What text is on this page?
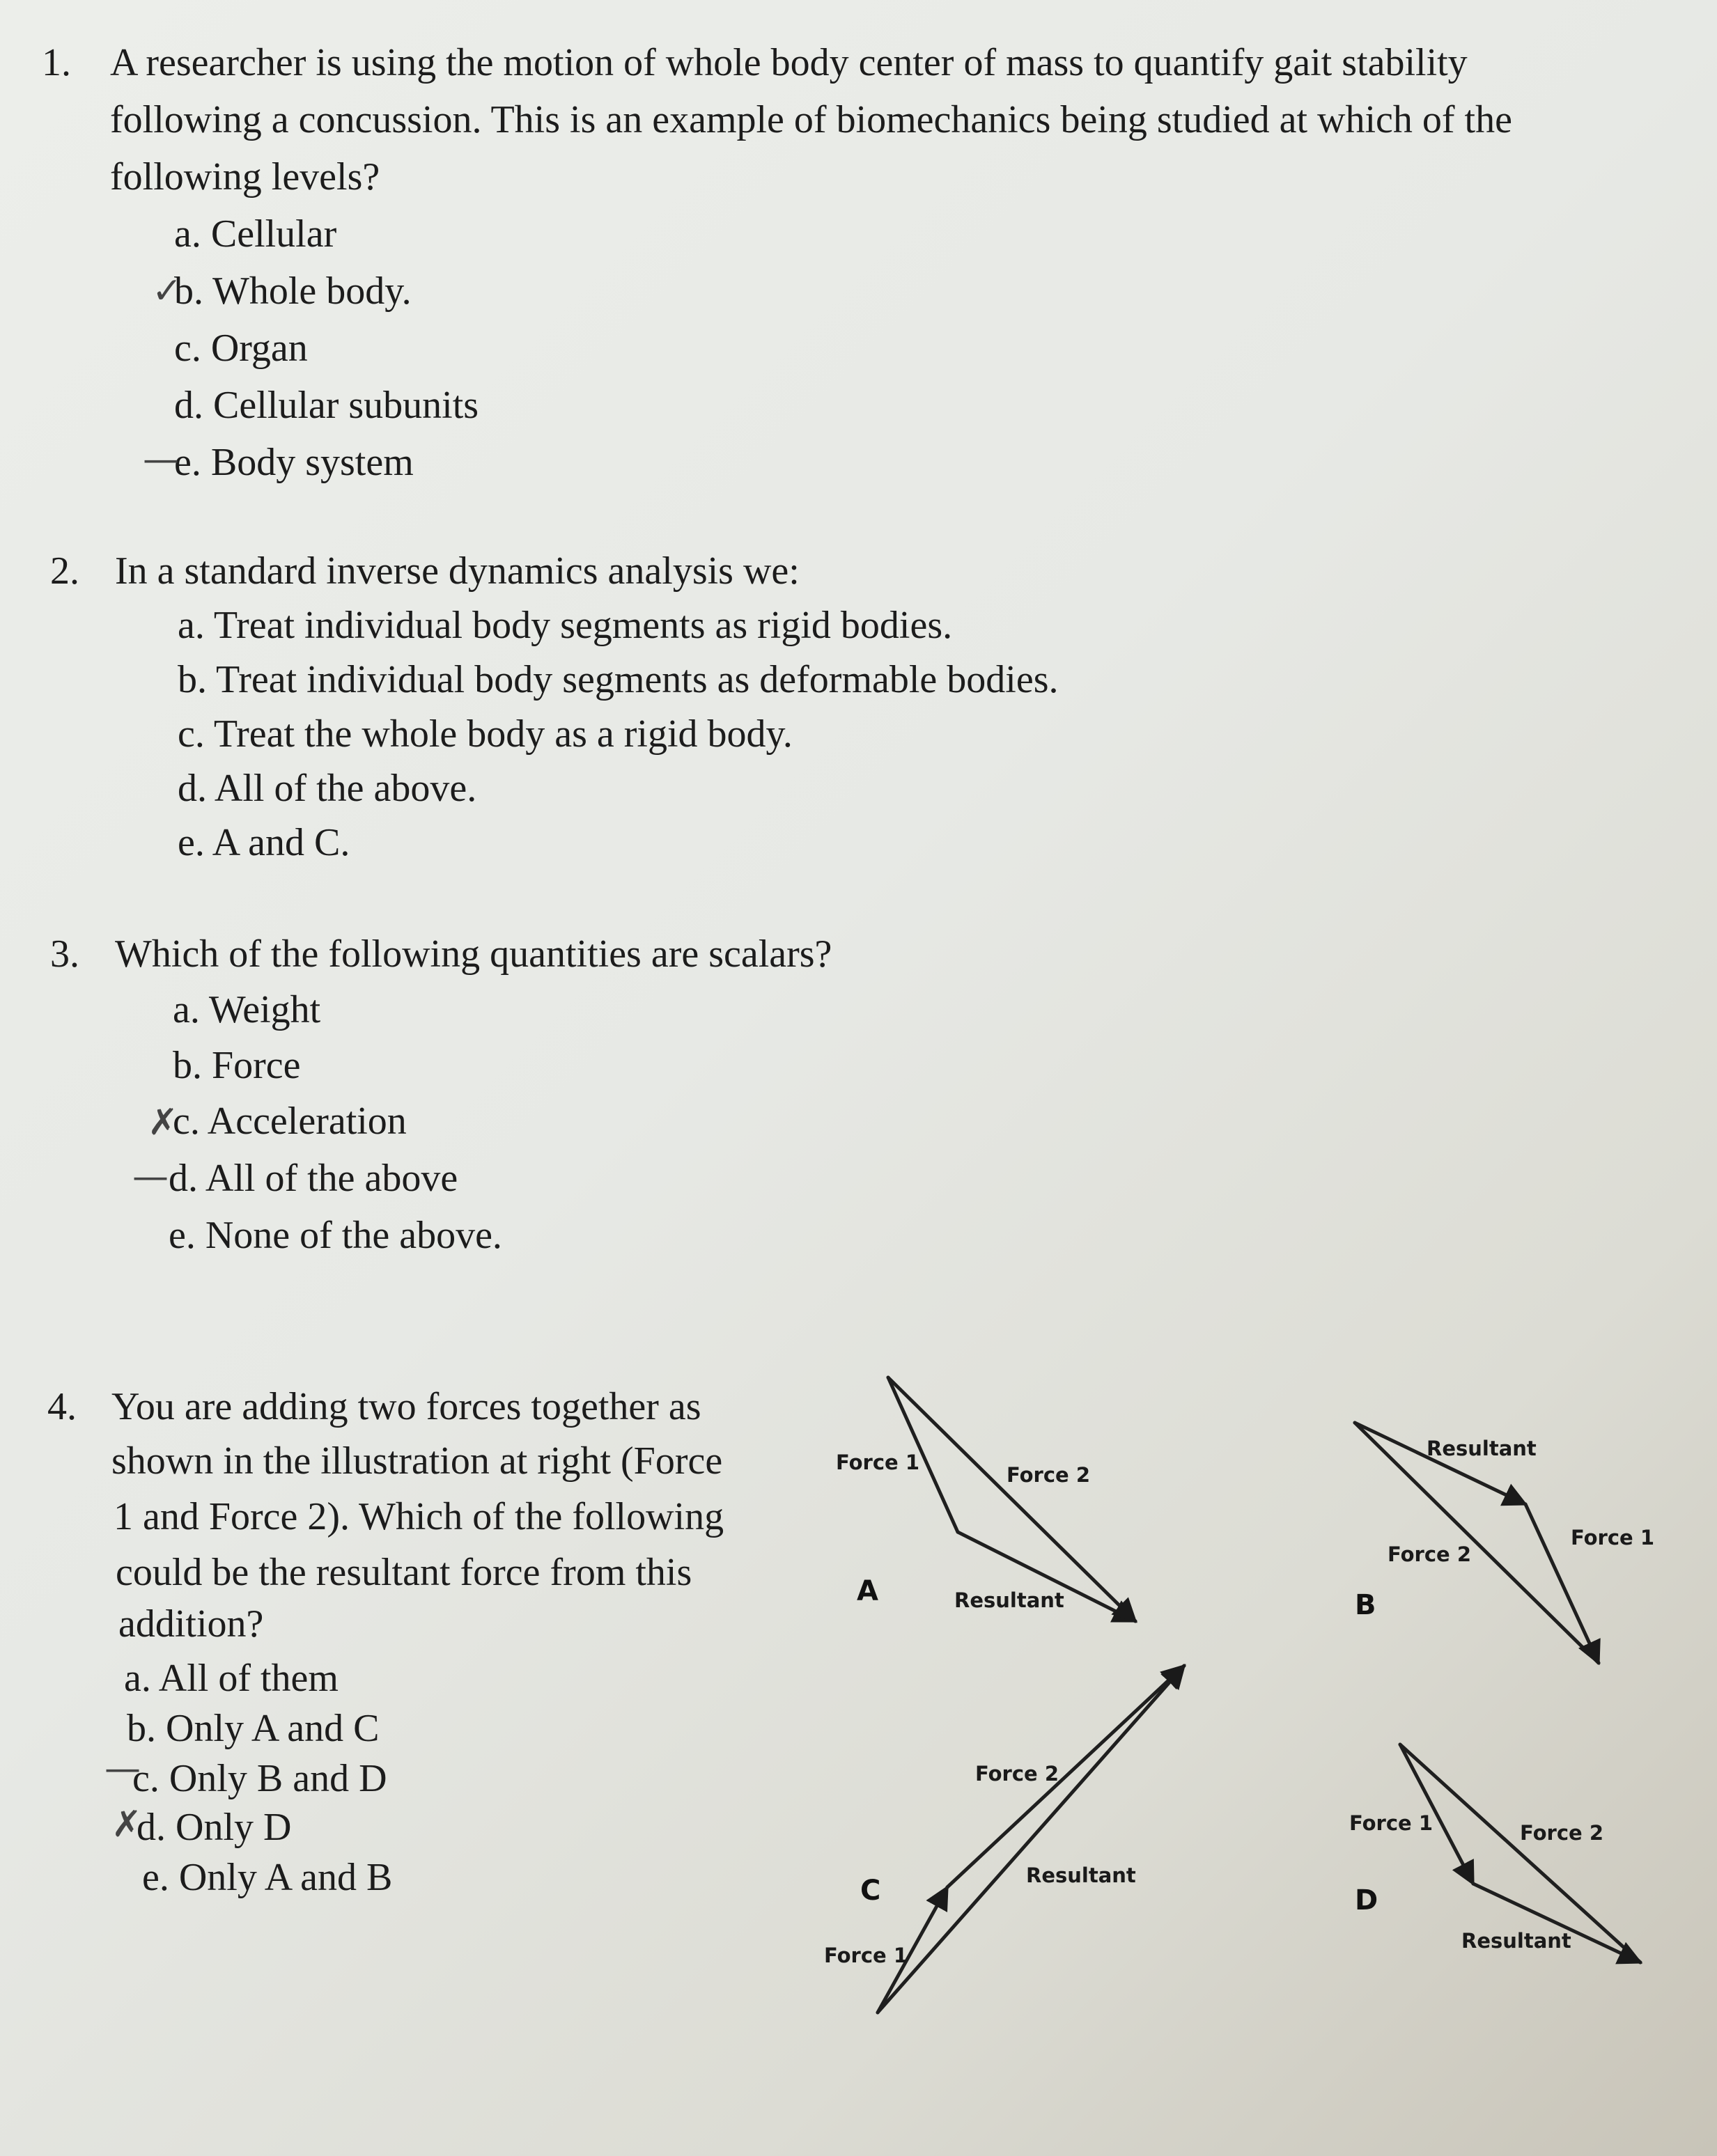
1. A researcher is using the motion of whole body center of mass to quantify gait stability
following a concussion. This is an example of biomechanics being studied at which of the
following levels?
a. Cellular
b. Whole body.
c. Organ
d. Cellular subunits
e. Body system
✓
—
2. In a standard inverse dynamics analysis we:
a. Treat individual body segments as rigid bodies.
b. Treat individual body segments as deformable bodies.
c. Treat the whole body as a rigid body.
d. All of the above.
e. A and C.
3. Which of the following quantities are scalars?
a. Weight
b. Force
c. Acceleration
d. All of the above
e. None of the above.
✗
—
4. You are adding two forces together as
shown in the illustration at right (Force
1 and Force 2). Which of the following
could be the resultant force from this
addition?
a. All of them
b. Only A and C
c. Only B and D
d. Only D
e. Only A and B
—
✗
Force 1
Force 2
Resultant
A
Resultant
Force 1
Force 2
B
Force 2
Resultant
C
Force 1
Force 1	Force 2
D
Resultant
